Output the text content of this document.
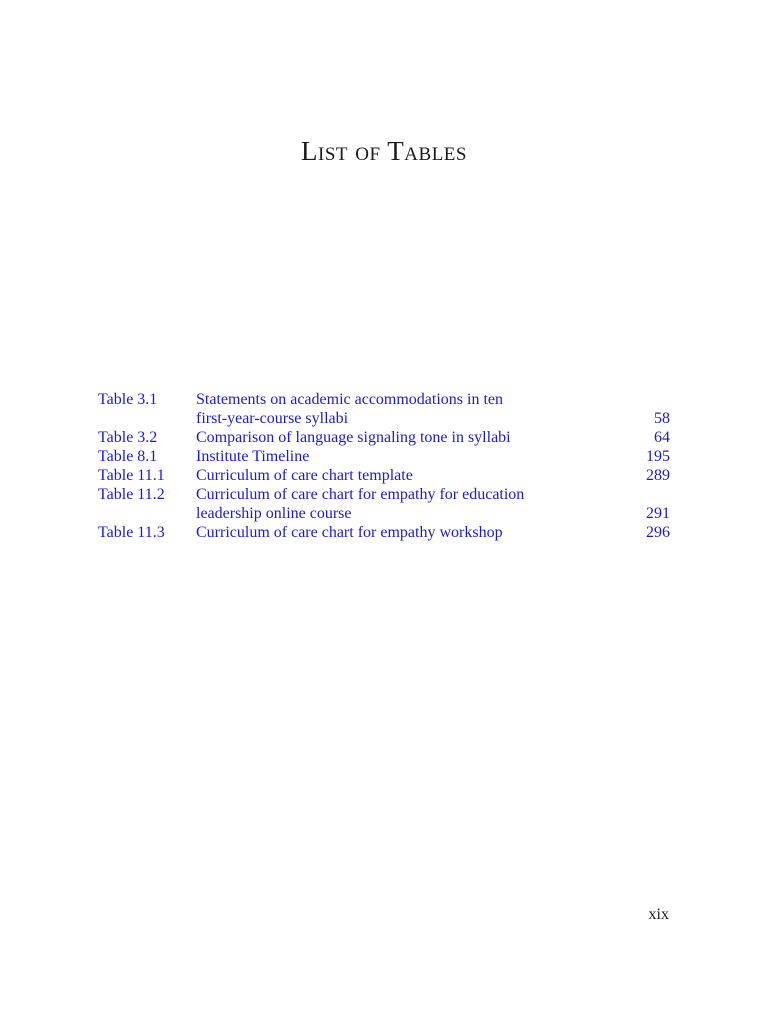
List of Tables
Table 3.1	Statements on academic accommodations in ten
first-year-course syllabi	58
Table 3.2	Comparison of language signaling tone in syllabi	64
Table 8.1	Institute Timeline	195
Table 11.1	Curriculum of care chart template	289
Table 11.2	Curriculum of care chart for empathy for education
leadership online course	291
Table 11.3	Curriculum of care chart for empathy workshop	296
xix
